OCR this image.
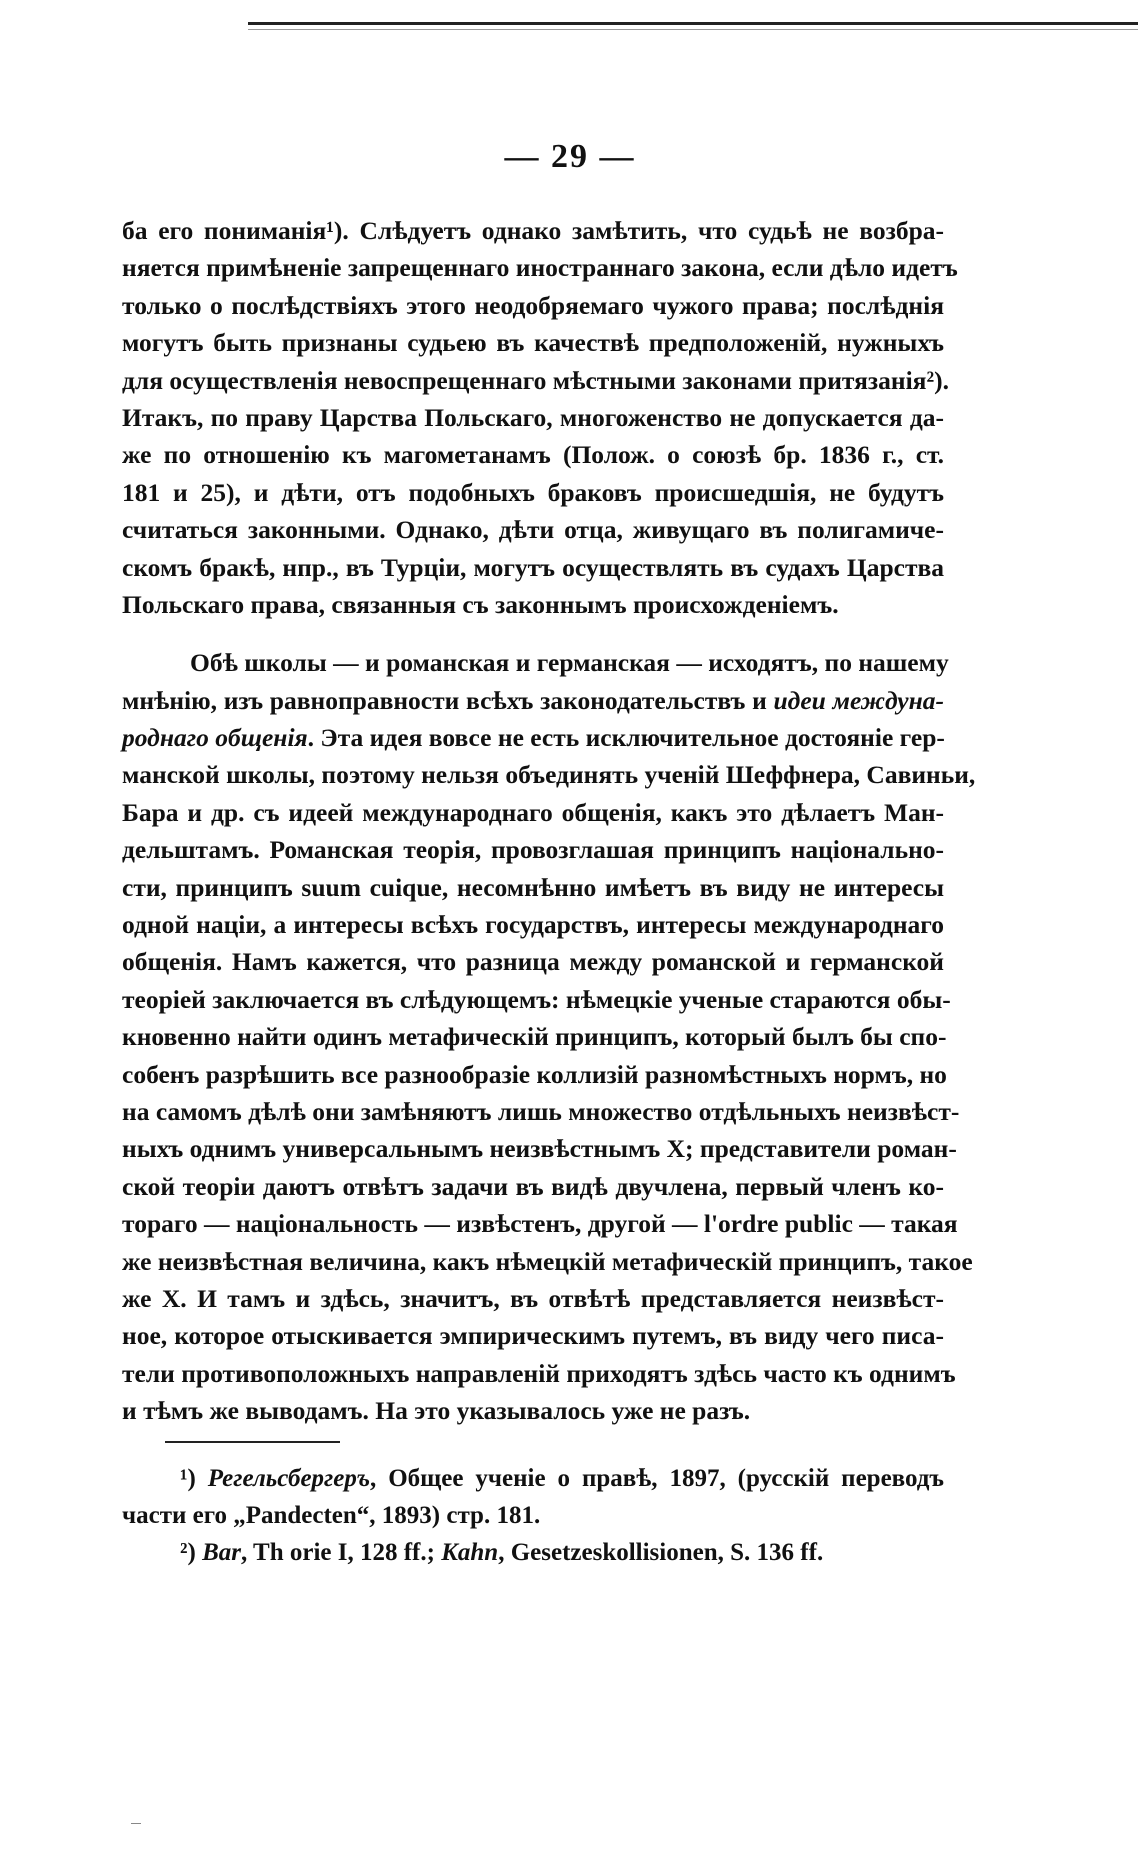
— 29 —
ба его пониманія¹). Слѣдуетъ однако замѣтить, что судьѣ не возбра-
няется примѣненіе запрещеннаго иностраннаго закона, если дѣло идетъ
только о послѣдствіяхъ этого неодобряемаго чужого права; послѣднія
могутъ быть признаны судьею въ качествѣ предположеній, нужныхъ
для осуществленія невоспрещеннаго мѣстными законами притязанія²).
Итакъ, по праву Царства Польскаго, многоженство не допускается да-
же по отношенію къ магометанамъ (Полож. о союзѣ бр. 1836 г., ст.
181 и 25), и дѣти, отъ подобныхъ браковъ происшедшія, не будутъ
считаться законными. Однако, дѣти отца, живущаго въ полигамиче-
скомъ бракѣ, нпр., въ Турціи, могутъ осуществлять въ судахъ Царства
Польскаго права, связанныя съ законнымъ происхожденіемъ.
Обѣ школы — и романская и германская — исходятъ, по нашему
мнѣнію, изъ равноправности всѣхъ законодательствъ и идеи междуна-
роднаго общенія. Эта идея вовсе не есть исключительное достояніе гер-
манской школы, поэтому нельзя объединять ученій Шеффнера, Савиньи,
Бара и др. съ идеей международнаго общенія, какъ это дѣлаетъ Ман-
дельштамъ. Романская теорія, провозглашая принципъ національно-
сти, принципъ suum cuique, несомнѣнно имѣетъ въ виду не интересы
одной націи, а интересы всѣхъ государствъ, интересы международнаго
общенія. Намъ кажется, что разница между романской и германской
теоріей заключается въ слѣдующемъ: нѣмецкіе ученые стараются обы-
кновенно найти одинъ метафическій принципъ, который былъ бы спо-
собенъ разрѣшить все разнообразіе коллизій разномѣстныхъ нормъ, но
на самомъ дѣлѣ они замѣняютъ лишь множество отдѣльныхъ неизвѣст-
ныхъ однимъ универсальнымъ неизвѣстнымъ X; представители роман-
ской теоріи даютъ отвѣтъ задачи въ видѣ двучлена, первый членъ ко-
тораго — національность — извѣстенъ, другой — l'ordre public — такая
же неизвѣстная величина, какъ нѣмецкій метафическій принципъ, такое
же X. И тамъ и здѣсь, значитъ, въ отвѣтѣ представляется неизвѣст-
ное, которое отыскивается эмпирическимъ путемъ, въ виду чего писа-
тели противоположныхъ направленій приходятъ здѣсь часто къ однимъ
и тѣмъ же выводамъ. На это указывалось уже не разъ.
¹) Регельсбергеръ, Общее ученіе о правѣ, 1897, (русскій переводъ
части его „Pandecten“, 1893) стр. 181.
²) Bar, Th orie I, 128 ff.; Kahn, Gesetzeskollisionen, S. 136 ff.
